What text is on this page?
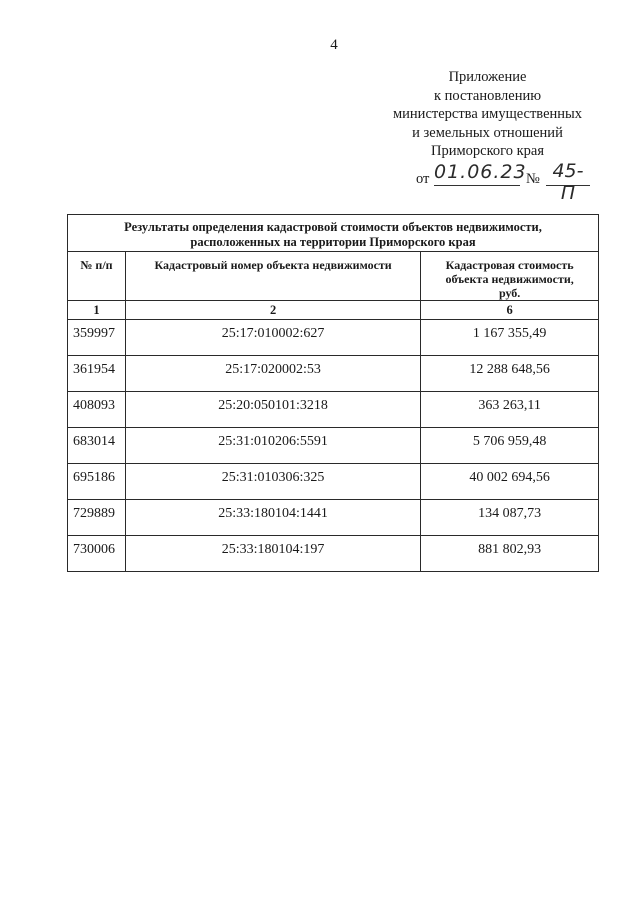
4
Приложение
к постановлению
министерства имущественных
и земельных отношений
Приморского края
от 01.06.23 № 45-П
Результаты определения кадастровой стоимости объектов недвижимости,
расположенных на территории Приморского края		
№ п/п	Кадастровый номер объекта недвижимости	Кадастровая стоимость объекта недвижимости, руб.
1	2	6
359997	25:17:010002:627	1 167 355,49
361954	25:17:020002:53	12 288 648,56
408093	25:20:050101:3218	363 263,11
683014	25:31:010206:5591	5 706 959,48
695186	25:31:010306:325	40 002 694,56
729889	25:33:180104:1441	134 087,73
730006	25:33:180104:197	881 802,93
